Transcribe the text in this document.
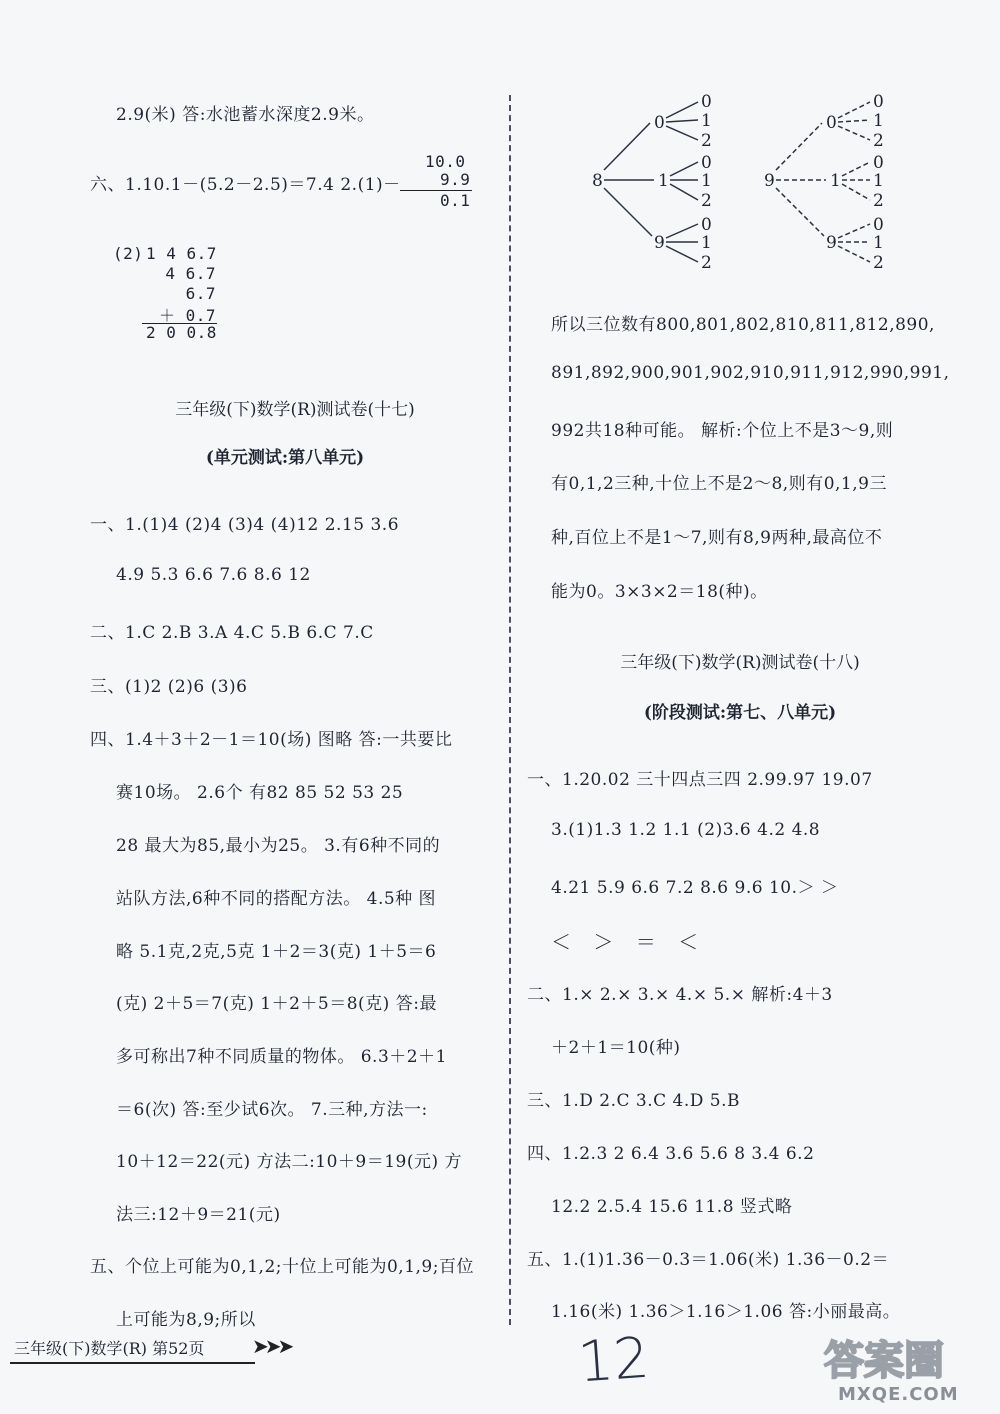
2.9(米) 答:水池蓄水深度2.9米。
六、1.10.1－(5.2－2.5)＝7.4 2.(1)－
10.0
9.9
0.1
(2) 1 4 6.7
4 6.7
6.7
＋ 0.7
2 0 0.8
三年级(下)数学(R)测试卷(十七)
(单元测试:第八单元)
一、1.(1)4 (2)4 (3)4 (4)12 2.15 3.6
4.9 5.3 6.6 7.6 8.6 12
二、1.C 2.B 3.A 4.C 5.B 6.C 7.C
三、(1)2 (2)6 (3)6
四、1.4＋3＋2－1＝10(场) 图略 答:一共要比
赛10场。 2.6个 有82 85 52 53 25
28 最大为85,最小为25。 3.有6种不同的
站队方法,6种不同的搭配方法。 4.5种 图
略 5.1克,2克,5克 1＋2＝3(克) 1＋5＝6
(克) 2＋5＝7(克) 1＋2＋5＝8(克) 答:最
多可称出7种不同质量的物体。 6.3＋2＋1
＝6(次) 答:至少试6次。 7.三种,方法一:
10＋12＝22(元) 方法二:10＋9＝19(元) 方
法三:12＋9＝21(元)
五、个位上可能为0,1,2;十位上可能为0,1,9;百位
上可能为8,9;所以
8
0
1
9
0
1
2
0
1
2
0
1
2
9
0
1
9
0
1
2
0
1
2
0
1
2
所以三位数有800,801,802,810,811,812,890,
891,892,900,901,902,910,911,912,990,991,
992共18种可能。 解析:个位上不是3～9,则
有0,1,2三种,十位上不是2～8,则有0,1,9三
种,百位上不是1～7,则有8,9两种,最高位不
能为0。3×3×2＝18(种)。
三年级(下)数学(R)测试卷(十八)
(阶段测试:第七、八单元)
一、1.20.02 三十四点三四 2.99.97 19.07
3.(1)1.3 1.2 1.1 (2)3.6 4.2 4.8
4.21 5.9 6.6 7.2 8.6 9.6 10.＞ ＞
＜ ＞ ＝ ＜
二、1.× 2.× 3.× 4.× 5.× 解析:4＋3
＋2＋1＝10(种)
三、1.D 2.C 3.C 4.D 5.B
四、1.2.3 2 6.4 3.6 5.6 8 3.4 6.2
12.2 2.5.4 15.6 11.8 竖式略
五、1.(1)1.36－0.3＝1.06(米) 1.36－0.2＝
1.16(米) 1.36＞1.16＞1.06 答:小丽最高。
三年级(下)数学(R) 第52页 ➤➤➤	12	答案圈
MXQE.COM
